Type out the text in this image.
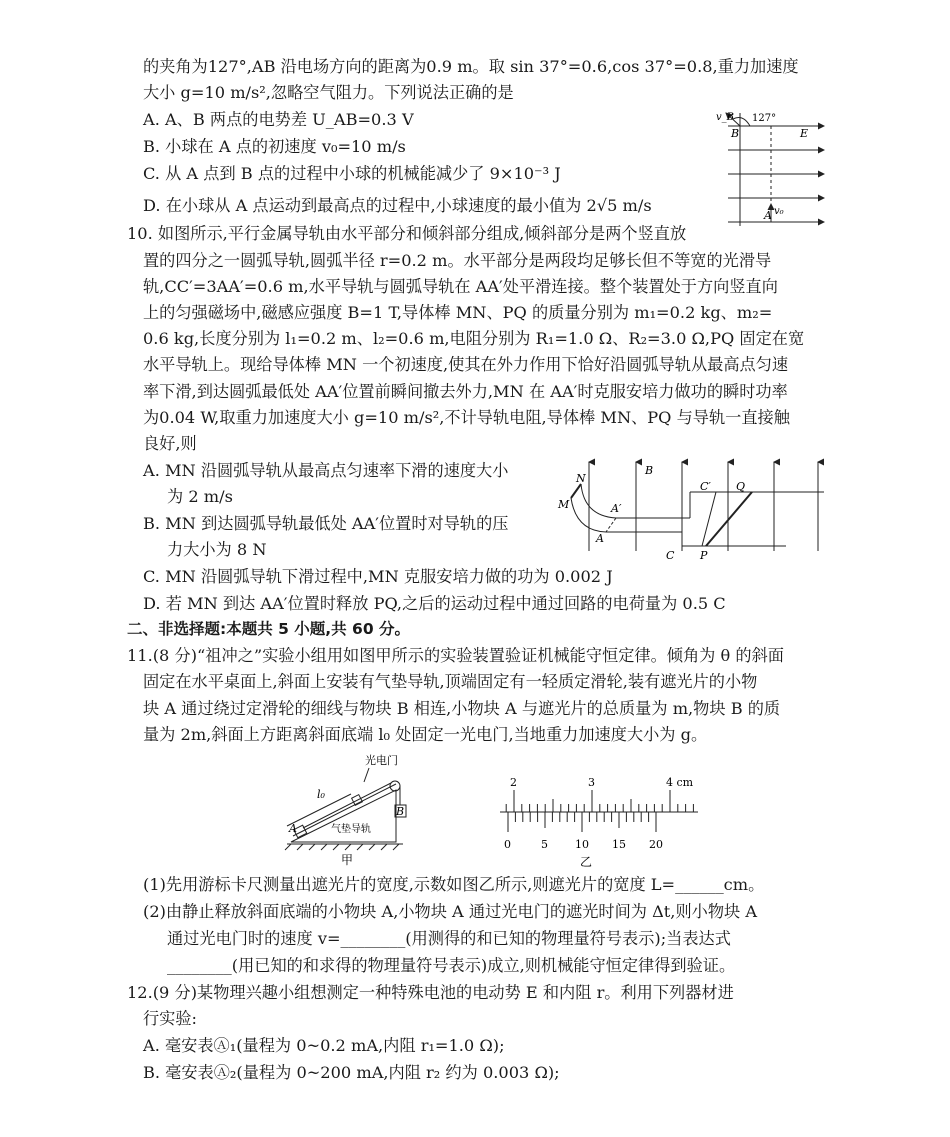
的夹角为127°,AB 沿电场方向的距离为0.9 m。取 sin 37°=0.6,cos 37°=0.8,重力加速度
大小 g=10 m/s²,忽略空气阻力。下列说法正确的是
A. A、B 两点的电势差 U_AB=0.3 V
B. 小球在 A 点的初速度 v₀=10 m/s
C. 从 A 点到 B 点的过程中小球的机械能减少了 9×10⁻³ J
D. 在小球从 A 点运动到最高点的过程中,小球速度的最小值为 2√5 m/s
v_B 127°
B	E
A v₀
10. 如图所示,平行金属导轨由水平部分和倾斜部分组成,倾斜部分是两个竖直放
置的四分之一圆弧导轨,圆弧半径 r=0.2 m。水平部分是两段均足够长但不等宽的光滑导
轨,CC′=3AA′=0.6 m,水平导轨与圆弧导轨在 AA′处平滑连接。整个装置处于方向竖直向
上的匀强磁场中,磁感应强度 B=1 T,导体棒 MN、PQ 的质量分别为 m₁=0.2 kg、m₂=
0.6 kg,长度分别为 l₁=0.2 m、l₂=0.6 m,电阻分别为 R₁=1.0 Ω、R₂=3.0 Ω,PQ 固定在宽
水平导轨上。现给导体棒 MN 一个初速度,使其在外力作用下恰好沿圆弧导轨从最高点匀速
率下滑,到达圆弧最低处 AA′位置前瞬间撤去外力,MN 在 AA′时克服安培力做功的瞬时功率
为0.04 W,取重力加速度大小 g=10 m/s²,不计导轨电阻,导体棒 MN、PQ 与导轨一直接触
良好,则
A. MN 沿圆弧导轨从最高点匀速率下滑的速度大小
为 2 m/s
B. MN 到达圆弧导轨最低处 AA′位置时对导轨的压
力大小为 8 N
C. MN 沿圆弧导轨下滑过程中,MN 克服安培力做的功为 0.002 J
D. 若 MN 到达 AA′位置时释放 PQ,之后的运动过程中通过回路的电荷量为 0.5 C
N
M
A
A′
B
C′ Q
C P
二、非选择题:本题共 5 小题,共 60 分。
11.(8 分)“祖冲之”实验小组用如图甲所示的实验装置验证机械能守恒定律。倾角为 θ 的斜面
固定在水平桌面上,斜面上安装有气垫导轨,顶端固定有一轻质定滑轮,装有遮光片的小物
块 A 通过绕过定滑轮的细线与物块 B 相连,小物块 A 与遮光片的总质量为 m,物块 B 的质
量为 2m,斜面上方距离斜面底端 l₀ 处固定一光电门,当地重力加速度大小为 g。
光电门
l₀
B
A	气垫导轨
甲
2	3	4 cm
0	5 10 15 20
乙
(1)先用游标卡尺测量出遮光片的宽度,示数如图乙所示,则遮光片的宽度 L=______cm。
(2)由静止释放斜面底端的小物块 A,小物块 A 通过光电门的遮光时间为 Δt,则小物块 A
通过光电门时的速度 v=________(用测得的和已知的物理量符号表示);当表达式
________(用已知的和求得的物理量符号表示)成立,则机械能守恒定律得到验证。
12.(9 分)某物理兴趣小组想测定一种特殊电池的电动势 E 和内阻 r。利用下列器材进
行实验:
A. 毫安表Ⓐ₁(量程为 0~0.2 mA,内阻 r₁=1.0 Ω);
B. 毫安表Ⓐ₂(量程为 0~200 mA,内阻 r₂ 约为 0.003 Ω);
